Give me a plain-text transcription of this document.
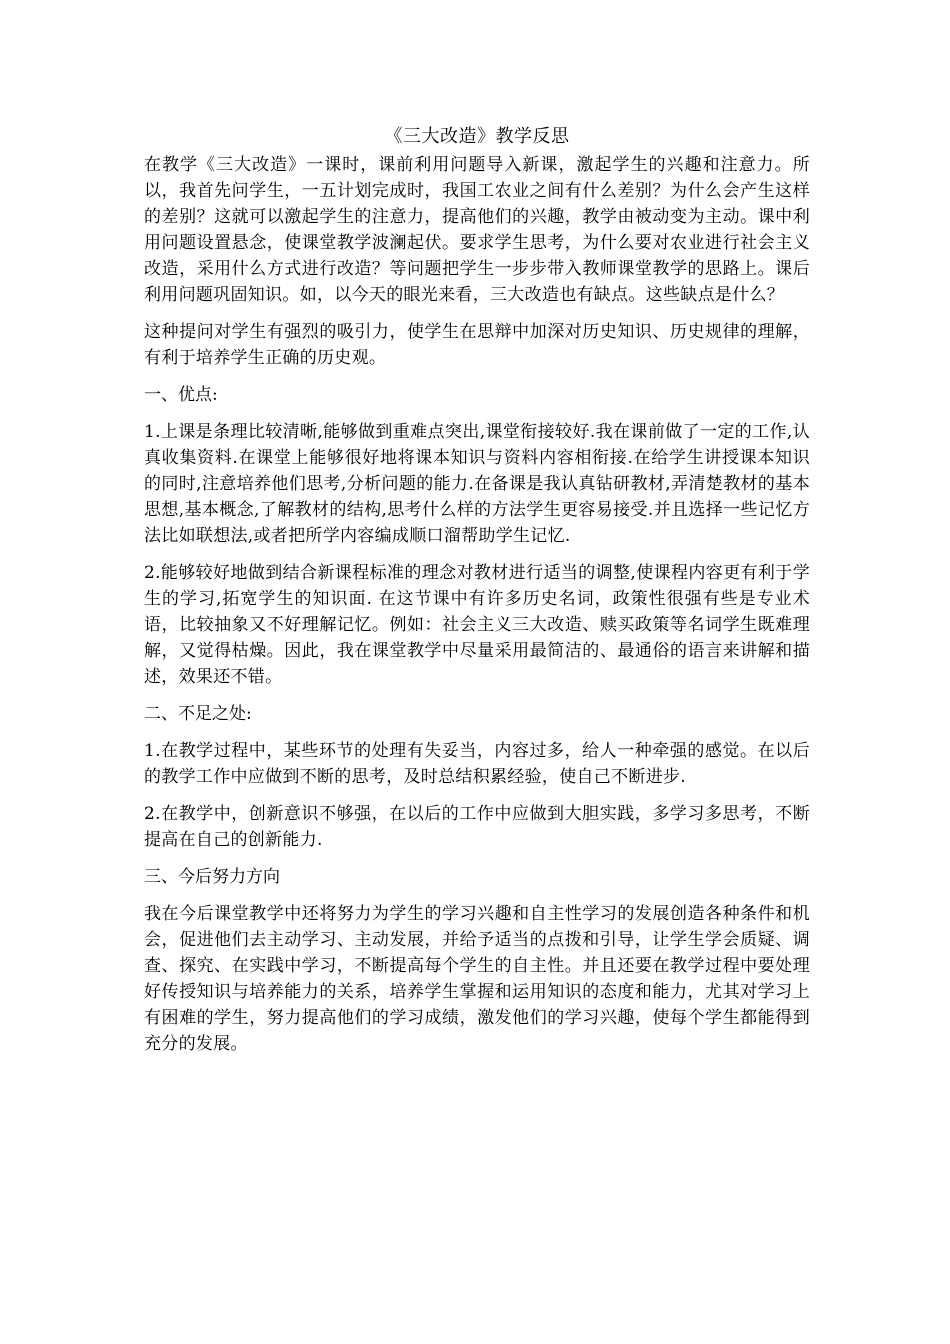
《三大改造》教学反思

在教学《三大改造》一课时，课前利用问题导入新课，激起学生的兴趣和注意力。所以，我首先问学生，一五计划完成时，我国工农业之间有什么差别？为什么会产生这样的差别？这就可以激起学生的注意力，提高他们的兴趣，教学由被动变为主动。课中利用问题设置悬念，使课堂教学波澜起伏。要求学生思考，为什么要对农业进行社会主义改造，采用什么方式进行改造？等问题把学生一步步带入教师课堂教学的思路上。课后利用问题巩固知识。如，以今天的眼光来看，三大改造也有缺点。这些缺点是什么？

这种提问对学生有强烈的吸引力，使学生在思辩中加深对历史知识、历史规律的理解，有利于培养学生正确的历史观。

一、优点:

1.上课是条理比较清晰,能够做到重难点突出,课堂衔接较好.我在课前做了一定的工作,认真收集资料.在课堂上能够很好地将课本知识与资料内容相衔接.在给学生讲授课本知识的同时,注意培养他们思考,分析问题的能力.在备课是我认真钻研教材,弄清楚教材的基本思想,基本概念,了解教材的结构,思考什么样的方法学生更容易接受.并且选择一些记忆方法比如联想法,或者把所学内容编成顺口溜帮助学生记忆.

2.能够较好地做到结合新课程标准的理念对教材进行适当的调整,使课程内容更有利于学生的学习,拓宽学生的知识面. 在这节课中有许多历史名词，政策性很强有些是专业术语，比较抽象又不好理解记忆。例如：社会主义三大改造、赎买政策等名词学生既难理解，又觉得枯燥。因此，我在课堂教学中尽量采用最简洁的、最通俗的语言来讲解和描述，效果还不错。

二、不足之处:

1.在教学过程中，某些环节的处理有失妥当，内容过多，给人一种牵强的感觉。在以后的教学工作中应做到不断的思考，及时总结积累经验，使自己不断进步.

2.在教学中，创新意识不够强，在以后的工作中应做到大胆实践，多学习多思考，不断提高在自己的创新能力.

三、今后努力方向

我在今后课堂教学中还将努力为学生的学习兴趣和自主性学习的发展创造各种条件和机会，促进他们去主动学习、主动发展，并给予适当的点拨和引导，让学生学会质疑、调查、探究、在实践中学习，不断提高每个学生的自主性。并且还要在教学过程中要处理好传授知识与培养能力的关系，培养学生掌握和运用知识的态度和能力，尤其对学习上有困难的学生，努力提高他们的学习成绩，激发他们的学习兴趣，使每个学生都能得到充分的发展。
